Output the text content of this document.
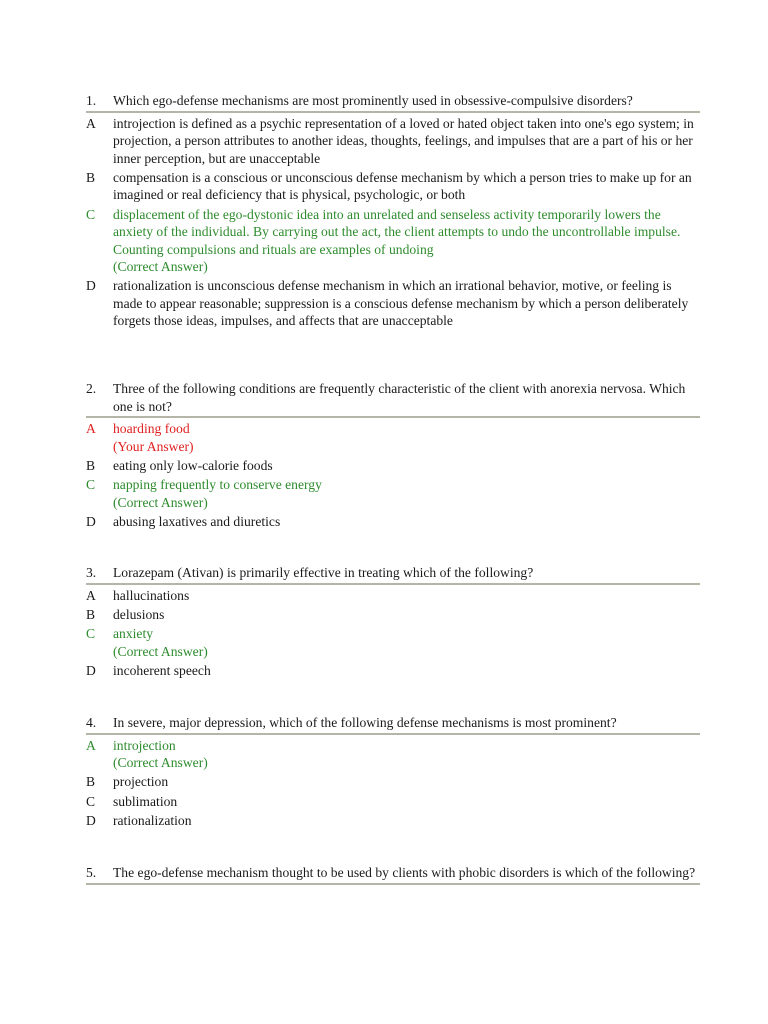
1.	Which ego-defense mechanisms are most prominently used in obsessive-compulsive disorders?
A	introjection is defined as a psychic representation of a loved or hated object taken into one's ego system; in projection, a person attributes to another ideas, thoughts, feelings, and impulses that are a part of his or her inner perception, but are unacceptable
B	compensation is a conscious or unconscious defense mechanism by which a person tries to make up for an imagined or real deficiency that is physical, psychologic, or both
C	displacement of the ego-dystonic idea into an unrelated and senseless activity temporarily lowers the anxiety of the individual. By carrying out the act, the client attempts to undo the uncontrollable impulse. Counting compulsions and rituals are examples of undoing
(Correct Answer)
D	rationalization is unconscious defense mechanism in which an irrational behavior, motive, or feeling is made to appear reasonable; suppression is a conscious defense mechanism by which a person deliberately forgets those ideas, impulses, and affects that are unacceptable
2.	Three of the following conditions are frequently characteristic of the client with anorexia nervosa. Which one is not?
A	hoarding food
(Your Answer)
B	eating only low-calorie foods
C	napping frequently to conserve energy
(Correct Answer)
D	abusing laxatives and diuretics
3.	Lorazepam (Ativan) is primarily effective in treating which of the following?
A	hallucinations
B	delusions
C	anxiety
(Correct Answer)
D	incoherent speech
4.	In severe, major depression, which of the following defense mechanisms is most prominent?
A	introjection
(Correct Answer)
B	projection
C	sublimation
D	rationalization
5.	The ego-defense mechanism thought to be used by clients with phobic disorders is which of the following?
